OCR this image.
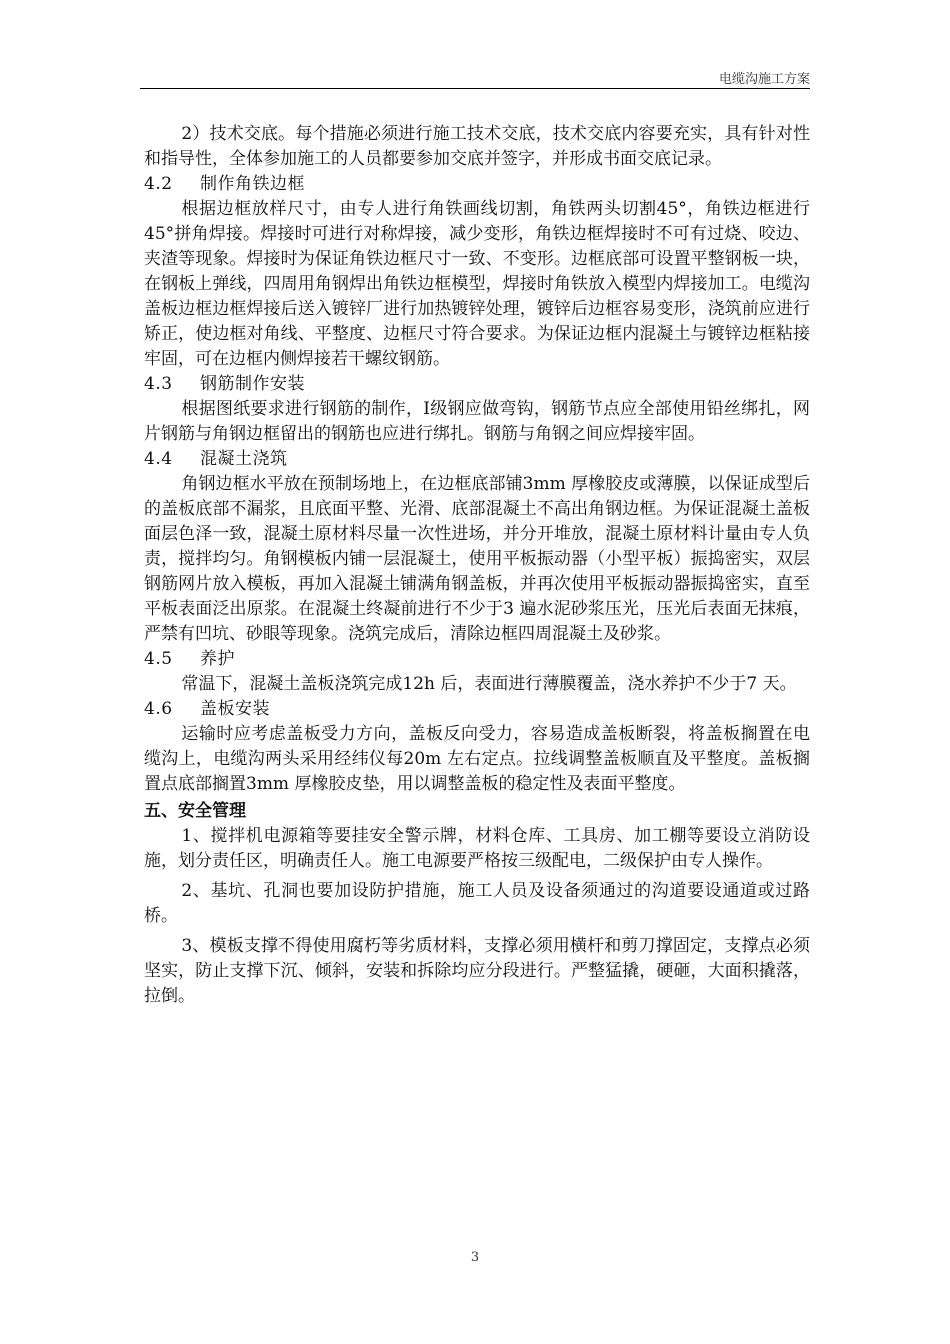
电缆沟施工方案

2）技术交底。每个措施必须进行施工技术交底，技术交底内容要充实，具有针对性和指导性，全体参加施工的人员都要参加交底并签字，并形成书面交底记录。

4.2 制作角铁边框

根据边框放样尺寸，由专人进行角铁画线切割，角铁两头切割45°，角铁边框进行45°拼角焊接。焊接时可进行对称焊接，减少变形，角铁边框焊接时不可有过烧、咬边、夹渣等现象。焊接时为保证角铁边框尺寸一致、不变形。边框底部可设置平整钢板一块，在钢板上弹线，四周用角钢焊出角铁边框模型，焊接时角铁放入模型内焊接加工。电缆沟盖板边框边框焊接后送入镀锌厂进行加热镀锌处理，镀锌后边框容易变形，浇筑前应进行矫正，使边框对角线、平整度、边框尺寸符合要求。为保证边框内混凝土与镀锌边框粘接牢固，可在边框内侧焊接若干螺纹钢筋。

4.3 钢筋制作安装

根据图纸要求进行钢筋的制作，Ⅰ级钢应做弯钩，钢筋节点应全部使用铅丝绑扎，网片钢筋与角钢边框留出的钢筋也应进行绑扎。钢筋与角钢之间应焊接牢固。

4.4 混凝土浇筑

角钢边框水平放在预制场地上，在边框底部铺3mm 厚橡胶皮或薄膜，以保证成型后的盖板底部不漏浆，且底面平整、光滑、底部混凝土不高出角钢边框。为保证混凝土盖板面层色泽一致，混凝土原材料尽量一次性进场，并分开堆放，混凝土原材料计量由专人负责，搅拌均匀。角钢模板内铺一层混凝土，使用平板振动器（小型平板）振捣密实，双层钢筋网片放入模板，再加入混凝土铺满角钢盖板，并再次使用平板振动器振捣密实，直至平板表面泛出原浆。在混凝土终凝前进行不少于3 遍水泥砂浆压光，压光后表面无抹痕，严禁有凹坑、砂眼等现象。浇筑完成后，清除边框四周混凝土及砂浆。

4.5 养护

常温下，混凝土盖板浇筑完成12h 后，表面进行薄膜覆盖，浇水养护不少于7 天。

4.6 盖板安装

运输时应考虑盖板受力方向，盖板反向受力，容易造成盖板断裂，将盖板搁置在电缆沟上，电缆沟两头采用经纬仪每20m 左右定点。拉线调整盖板顺直及平整度。盖板搁置点底部搁置3mm 厚橡胶皮垫，用以调整盖板的稳定性及表面平整度。

五、安全管理

1、搅拌机电源箱等要挂安全警示牌，材料仓库、工具房、加工棚等要设立消防设施，划分责任区，明确责任人。施工电源要严格按三级配电，二级保护由专人操作。

2、基坑、孔洞也要加设防护措施，施工人员及设备须通过的沟道要设通道或过路桥。

3、模板支撑不得使用腐朽等劣质材料，支撑必须用横杆和剪刀撑固定，支撑点必须坚实，防止支撑下沉、倾斜，安装和拆除均应分段进行。严整猛撬，硬砸，大面积撬落，拉倒。

3
